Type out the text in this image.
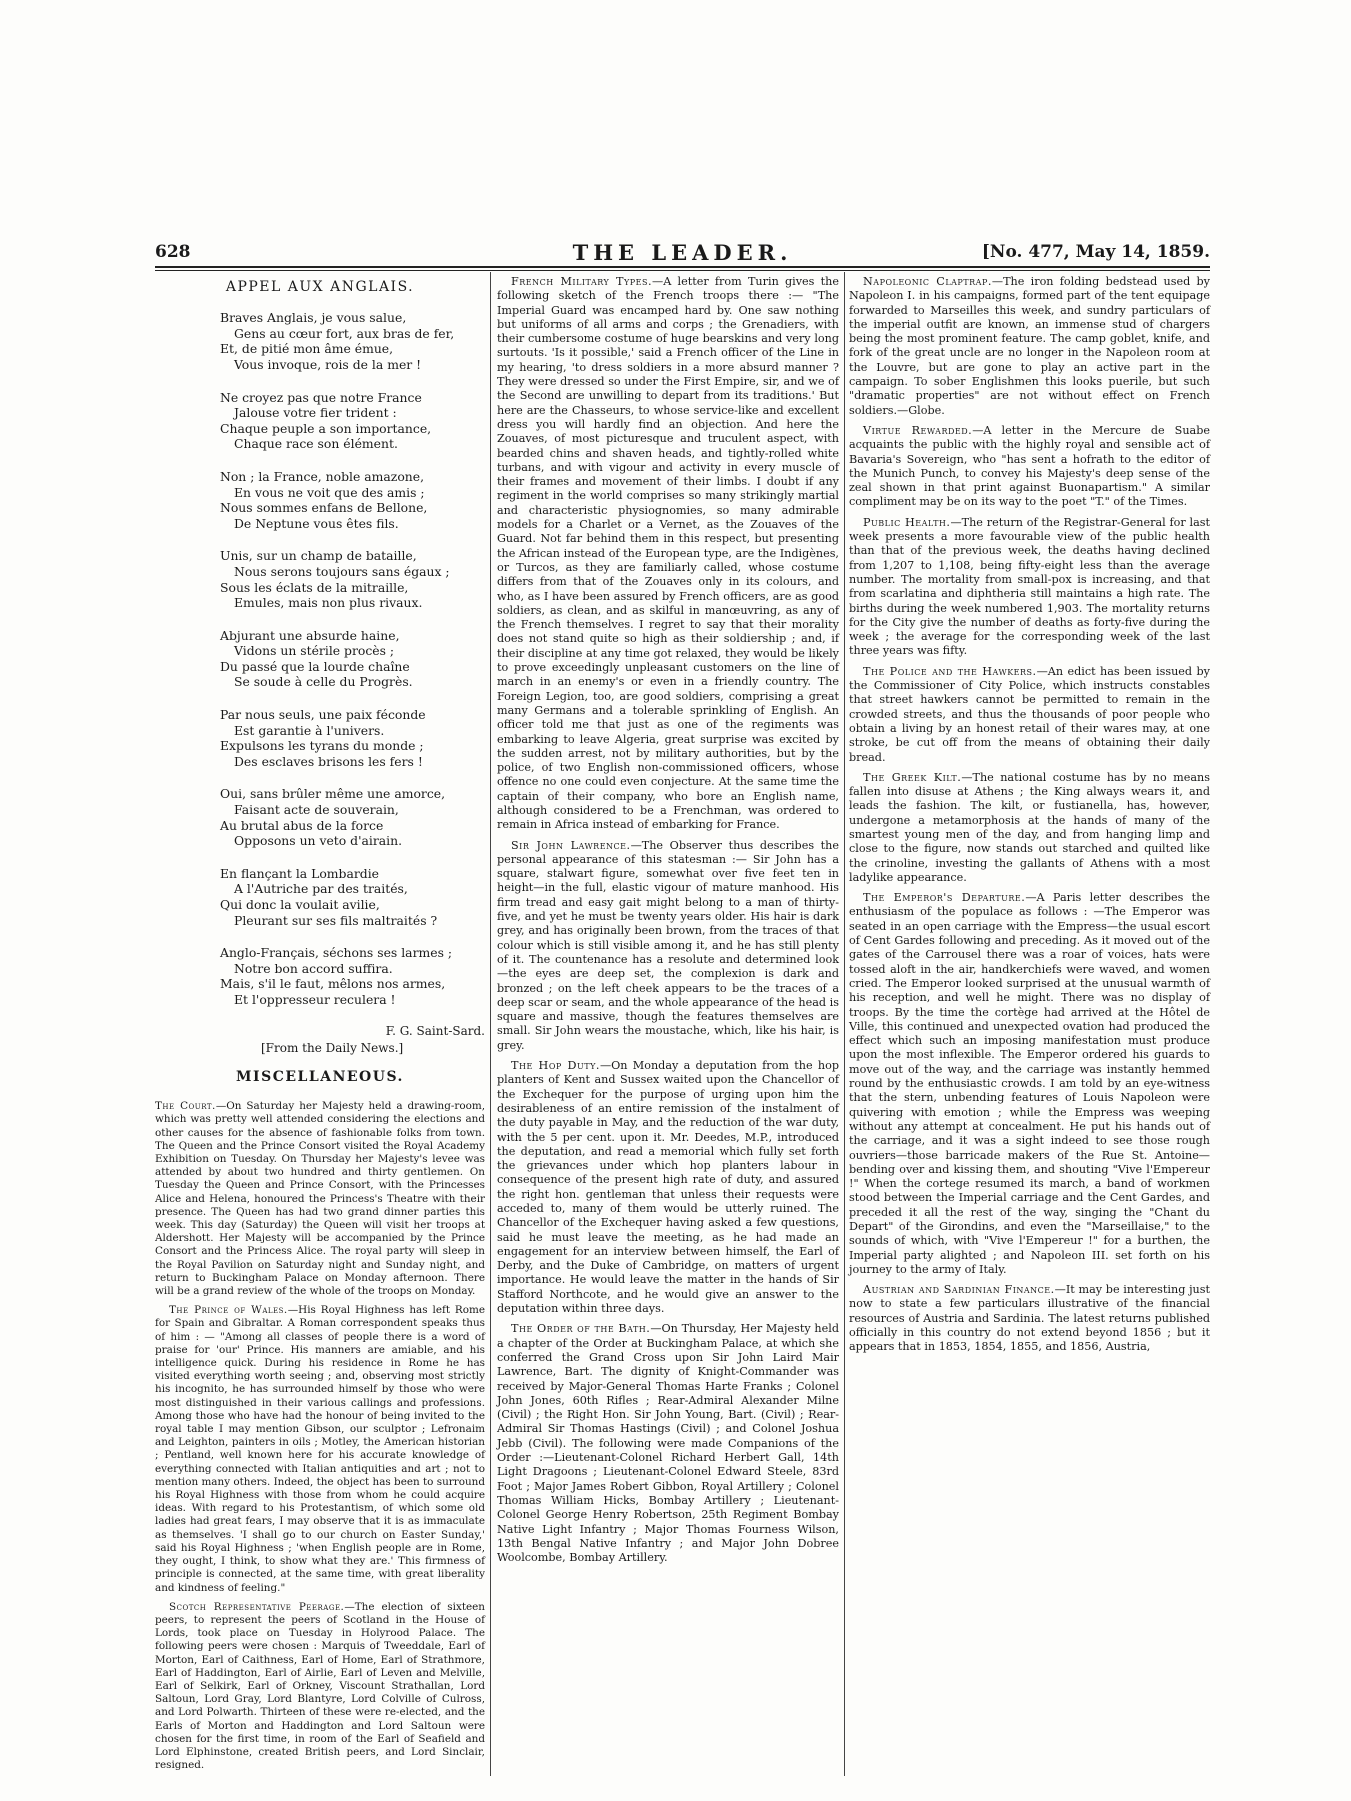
628	THE LEADER.	[No. 477, May 14, 1859.
APPEL AUX ANGLAIS.
Braves Anglais, je vous salue,
Gens au cœur fort, aux bras de fer,
Et, de pitié mon âme émue,
Vous invoque, rois de la mer !
Ne croyez pas que notre France
Jalouse votre fier trident :
Chaque peuple a son importance,
Chaque race son élément.
Non ; la France, noble amazone,
En vous ne voit que des amis ;
Nous sommes enfans de Bellone,
De Neptune vous êtes fils.
Unis, sur un champ de bataille,
Nous serons toujours sans égaux ;
Sous les éclats de la mitraille,
Emules, mais non plus rivaux.
Abjurant une absurde haine,
Vidons un stérile procès ;
Du passé que la lourde chaîne
Se soude à celle du Progrès.
Par nous seuls, une paix féconde
Est garantie à l'univers.
Expulsons les tyrans du monde ;
Des esclaves brisons les fers !
Oui, sans brûler même une amorce,
Faisant acte de souverain,
Au brutal abus de la force
Opposons un veto d'airain.
En flançant la Lombardie
A l'Autriche par des traités,
Qui donc la voulait avilie,
Pleurant sur ses fils maltraités ?
Anglo-Français, séchons ses larmes ;
Notre bon accord suffira.
Mais, s'il le faut, mêlons nos armes,
Et l'oppresseur reculera !
F. G. Saint-Sard.
[From the Daily News.]
MISCELLANEOUS.

The Court.—On Saturday her Majesty held a drawing-room, which was pretty well attended considering the elections and other causes for the absence of fashionable folks from town. The Queen and the Prince Consort visited the Royal Academy Exhibition on Tuesday. On Thursday her Majesty's levee was attended by about two hundred and thirty gentlemen. On Tuesday the Queen and Prince Consort, with the Princesses Alice and Helena, honoured the Princess's Theatre with their presence. The Queen has had two grand dinner parties this week. This day (Saturday) the Queen will visit her troops at Aldershott. Her Majesty will be accompanied by the Prince Consort and the Princess Alice. The royal party will sleep in the Royal Pavilion on Saturday night and Sunday night, and return to Buckingham Palace on Monday afternoon. There will be a grand review of the whole of the troops on Monday.

The Prince of Wales.—His Royal Highness has left Rome for Spain and Gibraltar. A Roman correspondent speaks thus of him : — "Among all classes of people there is a word of praise for 'our' Prince. His manners are amiable, and his intelligence quick. During his residence in Rome he has visited everything worth seeing ; and, observing most strictly his incognito, he has surrounded himself by those who were most distinguished in their various callings and professions. Among those who have had the honour of being invited to the royal table I may mention Gibson, our sculptor ; Lefronaim and Leighton, painters in oils ; Motley, the American historian ; Pentland, well known here for his accurate knowledge of everything connected with Italian antiquities and art ; not to mention many others. Indeed, the object has been to surround his Royal Highness with those from whom he could acquire ideas. With regard to his Protestantism, of which some old ladies had great fears, I may observe that it is as immaculate as themselves. 'I shall go to our church on Easter Sunday,' said his Royal Highness ; 'when English people are in Rome, they ought, I think, to show what they are.' This firmness of principle is connected, at the same time, with great liberality and kindness of feeling."

Scotch Representative Peerage.—The election of sixteen peers, to represent the peers of Scotland in the House of Lords, took place on Tuesday in Holyrood Palace. The following peers were chosen : Marquis of Tweeddale, Earl of Morton, Earl of Caithness, Earl of Home, Earl of Strathmore, Earl of Haddington, Earl of Airlie, Earl of Leven and Melville, Earl of Selkirk, Earl of Orkney, Viscount Strathallan, Lord Saltoun, Lord Gray, Lord Blantyre, Lord Colville of Culross, and Lord Polwarth. Thirteen of these were re-elected, and the Earls of Morton and Haddington and Lord Saltoun were chosen for the first time, in room of the Earl of Seafield and Lord Elphinstone, created British peers, and Lord Sinclair, resigned.

French Military Types.—A letter from Turin gives the following sketch of the French troops there :— "The Imperial Guard was encamped hard by. One saw nothing but uniforms of all arms and corps ; the Grenadiers, with their cumbersome costume of huge bearskins and very long surtouts. 'Is it possible,' said a French officer of the Line in my hearing, 'to dress soldiers in a more absurd manner ? They were dressed so under the First Empire, sir, and we of the Second are unwilling to depart from its traditions.' But here are the Chasseurs, to whose service-like and excellent dress you will hardly find an objection. And here the Zouaves, of most picturesque and truculent aspect, with bearded chins and shaven heads, and tightly-rolled white turbans, and with vigour and activity in every muscle of their frames and movement of their limbs. I doubt if any regiment in the world comprises so many strikingly martial and characteristic physiognomies, so many admirable models for a Charlet or a Vernet, as the Zouaves of the Guard. Not far behind them in this respect, but presenting the African instead of the European type, are the Indigènes, or Turcos, as they are familiarly called, whose costume differs from that of the Zouaves only in its colours, and who, as I have been assured by French officers, are as good soldiers, as clean, and as skilful in manœuvring, as any of the French themselves. I regret to say that their morality does not stand quite so high as their soldiership ; and, if their discipline at any time got relaxed, they would be likely to prove exceedingly unpleasant customers on the line of march in an enemy's or even in a friendly country. The Foreign Legion, too, are good soldiers, comprising a great many Germans and a tolerable sprinkling of English. An officer told me that just as one of the regiments was embarking to leave Algeria, great surprise was excited by the sudden arrest, not by military authorities, but by the police, of two English non-commissioned officers, whose offence no one could even conjecture. At the same time the captain of their company, who bore an English name, although considered to be a Frenchman, was ordered to remain in Africa instead of embarking for France.

Sir John Lawrence.—The Observer thus describes the personal appearance of this statesman :— Sir John has a square, stalwart figure, somewhat over five feet ten in height—in the full, elastic vigour of mature manhood. His firm tread and easy gait might belong to a man of thirty-five, and yet he must be twenty years older. His hair is dark grey, and has originally been brown, from the traces of that colour which is still visible among it, and he has still plenty of it. The countenance has a resolute and determined look—the eyes are deep set, the complexion is dark and bronzed ; on the left cheek appears to be the traces of a deep scar or seam, and the whole appearance of the head is square and massive, though the features themselves are small. Sir John wears the moustache, which, like his hair, is grey.

The Hop Duty.—On Monday a deputation from the hop planters of Kent and Sussex waited upon the Chancellor of the Exchequer for the purpose of urging upon him the desirableness of an entire remission of the instalment of the duty payable in May, and the reduction of the war duty, with the 5 per cent. upon it. Mr. Deedes, M.P., introduced the deputation, and read a memorial which fully set forth the grievances under which hop planters labour in consequence of the present high rate of duty, and assured the right hon. gentleman that unless their requests were acceded to, many of them would be utterly ruined. The Chancellor of the Exchequer having asked a few questions, said he must leave the meeting, as he had made an engagement for an interview between himself, the Earl of Derby, and the Duke of Cambridge, on matters of urgent importance. He would leave the matter in the hands of Sir Stafford Northcote, and he would give an answer to the deputation within three days.

The Order of the Bath.—On Thursday, Her Majesty held a chapter of the Order at Buckingham Palace, at which she conferred the Grand Cross upon Sir John Laird Mair Lawrence, Bart. The dignity of Knight-Commander was received by Major-General Thomas Harte Franks ; Colonel John Jones, 60th Rifles ; Rear-Admiral Alexander Milne (Civil) ; the Right Hon. Sir John Young, Bart. (Civil) ; Rear-Admiral Sir Thomas Hastings (Civil) ; and Colonel Joshua Jebb (Civil). The following were made Companions of the Order :—Lieutenant-Colonel Richard Herbert Gall, 14th Light Dragoons ; Lieutenant-Colonel Edward Steele, 83rd Foot ; Major James Robert Gibbon, Royal Artillery ; Colonel Thomas William Hicks, Bombay Artillery ; Lieutenant-Colonel George Henry Robertson, 25th Regiment Bombay Native Light Infantry ; Major Thomas Fourness Wilson, 13th Bengal Native Infantry ; and Major John Dobree Woolcombe, Bombay Artillery.

Napoleonic Claptrap.—The iron folding bedstead used by Napoleon I. in his campaigns, formed part of the tent equipage forwarded to Marseilles this week, and sundry particulars of the imperial outfit are known, an immense stud of chargers being the most prominent feature. The camp goblet, knife, and fork of the great uncle are no longer in the Napoleon room at the Louvre, but are gone to play an active part in the campaign. To sober Englishmen this looks puerile, but such "dramatic properties" are not without effect on French soldiers.—Globe.

Virtue Rewarded.—A letter in the Mercure de Suabe acquaints the public with the highly royal and sensible act of Bavaria's Sovereign, who "has sent a hofrath to the editor of the Munich Punch, to convey his Majesty's deep sense of the zeal shown in that print against Buonapartism." A similar compliment may be on its way to the poet "T." of the Times.

Public Health.—The return of the Registrar-General for last week presents a more favourable view of the public health than that of the previous week, the deaths having declined from 1,207 to 1,108, being fifty-eight less than the average number. The mortality from small-pox is increasing, and that from scarlatina and diphtheria still maintains a high rate. The births during the week numbered 1,903. The mortality returns for the City give the number of deaths as forty-five during the week ; the average for the corresponding week of the last three years was fifty.

The Police and the Hawkers.—An edict has been issued by the Commissioner of City Police, which instructs constables that street hawkers cannot be permitted to remain in the crowded streets, and thus the thousands of poor people who obtain a living by an honest retail of their wares may, at one stroke, be cut off from the means of obtaining their daily bread.

The Greek Kilt.—The national costume has by no means fallen into disuse at Athens ; the King always wears it, and leads the fashion. The kilt, or fustianella, has, however, undergone a metamorphosis at the hands of many of the smartest young men of the day, and from hanging limp and close to the figure, now stands out starched and quilted like the crinoline, investing the gallants of Athens with a most ladylike appearance.

The Emperor's Departure.—A Paris letter describes the enthusiasm of the populace as follows : —The Emperor was seated in an open carriage with the Empress—the usual escort of Cent Gardes following and preceding. As it moved out of the gates of the Carrousel there was a roar of voices, hats were tossed aloft in the air, handkerchiefs were waved, and women cried. The Emperor looked surprised at the unusual warmth of his reception, and well he might. There was no display of troops. By the time the cortège had arrived at the Hôtel de Ville, this continued and unexpected ovation had produced the effect which such an imposing manifestation must produce upon the most inflexible. The Emperor ordered his guards to move out of the way, and the carriage was instantly hemmed round by the enthusiastic crowds. I am told by an eye-witness that the stern, unbending features of Louis Napoleon were quivering with emotion ; while the Empress was weeping without any attempt at concealment. He put his hands out of the carriage, and it was a sight indeed to see those rough ouvriers—those barricade makers of the Rue St. Antoine—bending over and kissing them, and shouting "Vive l'Empereur !" When the cortege resumed its march, a band of workmen stood between the Imperial carriage and the Cent Gardes, and preceded it all the rest of the way, singing the "Chant du Depart" of the Girondins, and even the "Marseillaise," to the sounds of which, with "Vive l'Empereur !" for a burthen, the Imperial party alighted ; and Napoleon III. set forth on his journey to the army of Italy.

Austrian and Sardinian Finance.—It may be interesting just now to state a few particulars illustrative of the financial resources of Austria and Sardinia. The latest returns published officially in this country do not extend beyond 1856 ; but it appears that in 1853, 1854, 1855, and 1856, Austria,
